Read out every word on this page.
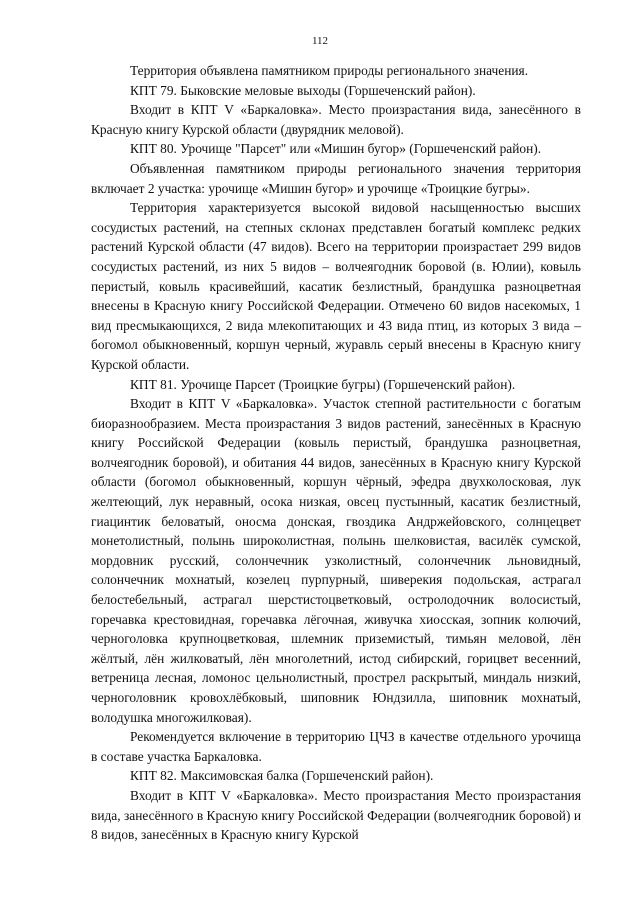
112

Территория объявлена памятником природы регионального значения.

КПТ 79. Быковские меловые выходы (Горшеченский район).

Входит в КПТ V «Баркаловка». Место произрастания вида, занесённого в Красную книгу Курской области (двурядник меловой).

КПТ 80. Урочище "Парсет" или «Мишин бугор» (Горшеченский район).

Объявленная памятником природы регионального значения территория включает 2 участка: урочище «Мишин бугор» и урочище «Троицкие бугры».

Территория характеризуется высокой видовой насыщенностью высших сосудистых растений, на степных склонах представлен богатый комплекс редких растений Курской области (47 видов). Всего на территории произрастает 299 видов сосудистых растений, из них 5 видов – волчеягодник боровой (в. Юлии), ковыль перистый, ковыль красивейший, касатик безлистный, брандушка разноцветная внесены в Красную книгу Российской Федерации. Отмечено 60 видов насекомых, 1 вид пресмыкающихся, 2 вида млекопитающих и 43 вида птиц, из которых 3 вида – богомол обыкновенный, коршун черный, журавль серый внесены в Красную книгу Курской области.

КПТ 81. Урочище Парсет (Троицкие бугры) (Горшеченский район).

Входит в КПТ V «Баркаловка». Участок степной растительности с богатым биоразнообразием. Места произрастания 3 видов растений, занесённых в Красную книгу Российской Федерации (ковыль перистый, брандушка разноцветная, волчеягодник боровой), и обитания 44 видов, занесённых в Красную книгу Курской области (богомол обыкновенный, коршун чёрный, эфедра двухколосковая, лук желтеющий, лук неравный, осока низкая, овсец пустынный, касатик безлистный, гиацинтик беловатый, оносма донская, гвоздика Андржейовского, солнцецвет монетолистный, полынь широколистная, полынь шелковистая, василёк сумской, мордовник русский, солончечник узколистный, солончечник льновидный, солончечник мохнатый, козелец пурпурный, шиверекия подольская, астрагал белостебельный, астрагал шерстистоцветковый, остролодочник волосистый, горечавка крестовидная, горечавка лёгочная, живучка хиосская, зопник колючий, черноголовка крупноцветковая, шлемник приземистый, тимьян меловой, лён жёлтый, лён жилковатый, лён многолетний, истод сибирский, горицвет весенний, ветреница лесная, ломонос цельнолистный, прострел раскрытый, миндаль низкий, черноголовник кровохлёбковый, шиповник Юндзилла, шиповник мохнатый, володушка многожилковая).

Рекомендуется включение в территорию ЦЧЗ в качестве отдельного урочища в составе участка Баркаловка.

КПТ 82. Максимовская балка (Горшеченский район).

Входит в КПТ V «Баркаловка». Место произрастания Место произрастания вида, занесённого в Красную книгу Российской Федерации (волчеягодник боровой) и 8 видов, занесённых в Красную книгу Курской
